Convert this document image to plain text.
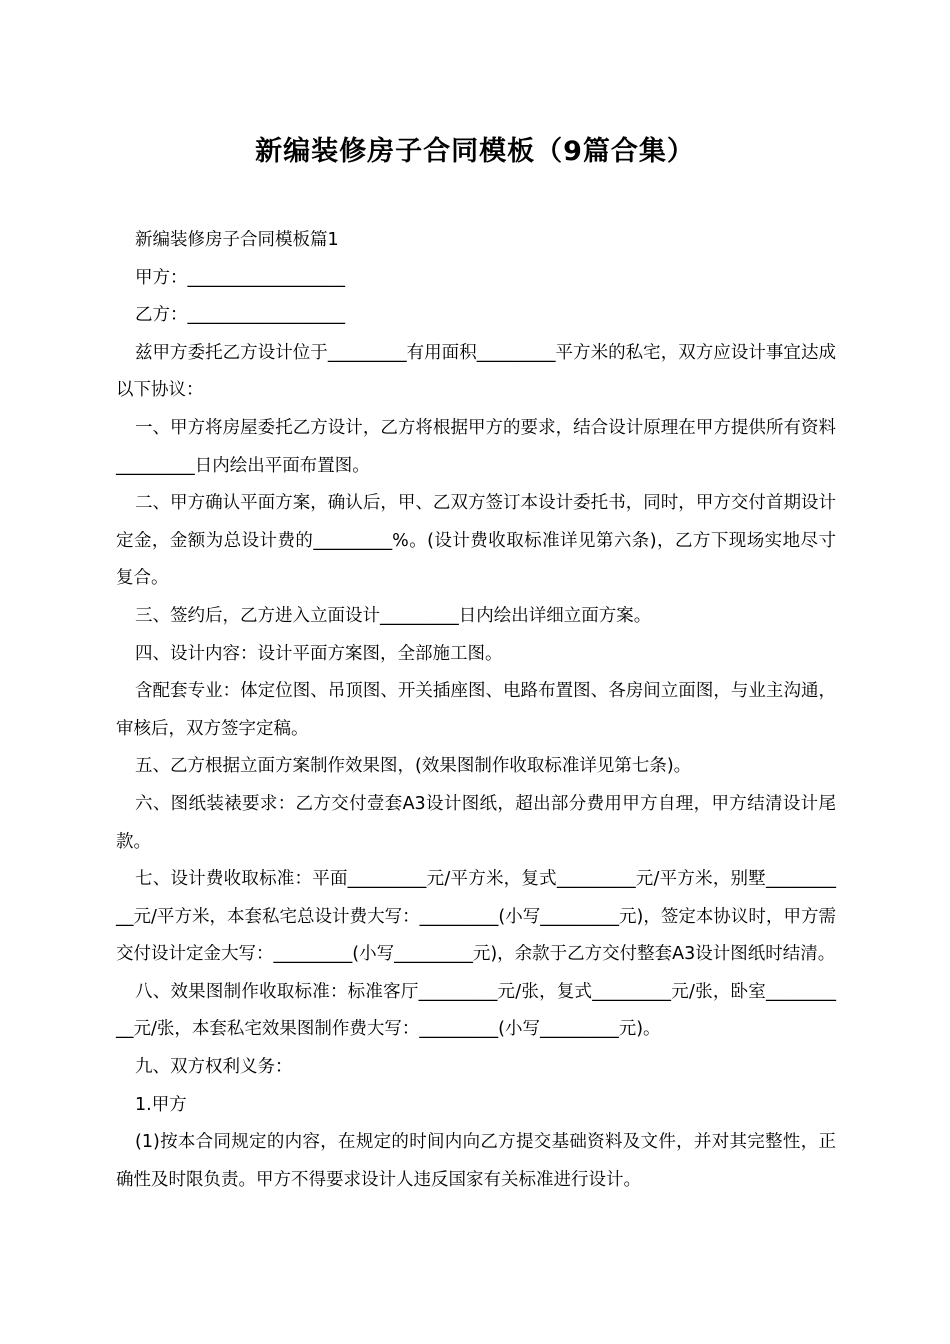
新编装修房子合同模板（9篇合集）

新编装修房子合同模板篇1

甲方：__________________

乙方：__________________

兹甲方委托乙方设计位于_________有用面积_________平方米的私宅，双方应设计事宜达成以下协议：

一、甲方将房屋委托乙方设计，乙方将根据甲方的要求，结合设计原理在甲方提供所有资料_________日内绘出平面布置图。

二、甲方确认平面方案，确认后，甲、乙双方签订本设计委托书，同时，甲方交付首期设计定金，金额为总设计费的_________%。(设计费收取标准详见第六条)，乙方下现场实地尽寸复合。

三、签约后，乙方进入立面设计_________日内绘出详细立面方案。

四、设计内容：设计平面方案图，全部施工图。

含配套专业：体定位图、吊顶图、开关插座图、电路布置图、各房间立面图，与业主沟通，审核后，双方签字定稿。

五、乙方根据立面方案制作效果图，(效果图制作收取标准详见第七条)。

六、图纸装裱要求：乙方交付壹套A3设计图纸，超出部分费用甲方自理，甲方结清设计尾款。

七、设计费收取标准：平面_________元/平方米，复式_________元/平方米，别墅__________元/平方米，本套私宅总设计费大写：_________(小写_________元)，签定本协议时，甲方需交付设计定金大写：_________(小写_________元)，余款于乙方交付整套A3设计图纸时结清。

八、效果图制作收取标准：标准客厅_________元/张，复式_________元/张，卧室__________元/张，本套私宅效果图制作费大写：_________(小写_________元)。

九、双方权利义务：

1.甲方

(1)按本合同规定的内容，在规定的时间内向乙方提交基础资料及文件，并对其完整性，正确性及时限负责。甲方不得要求设计人违反国家有关标准进行设计。
